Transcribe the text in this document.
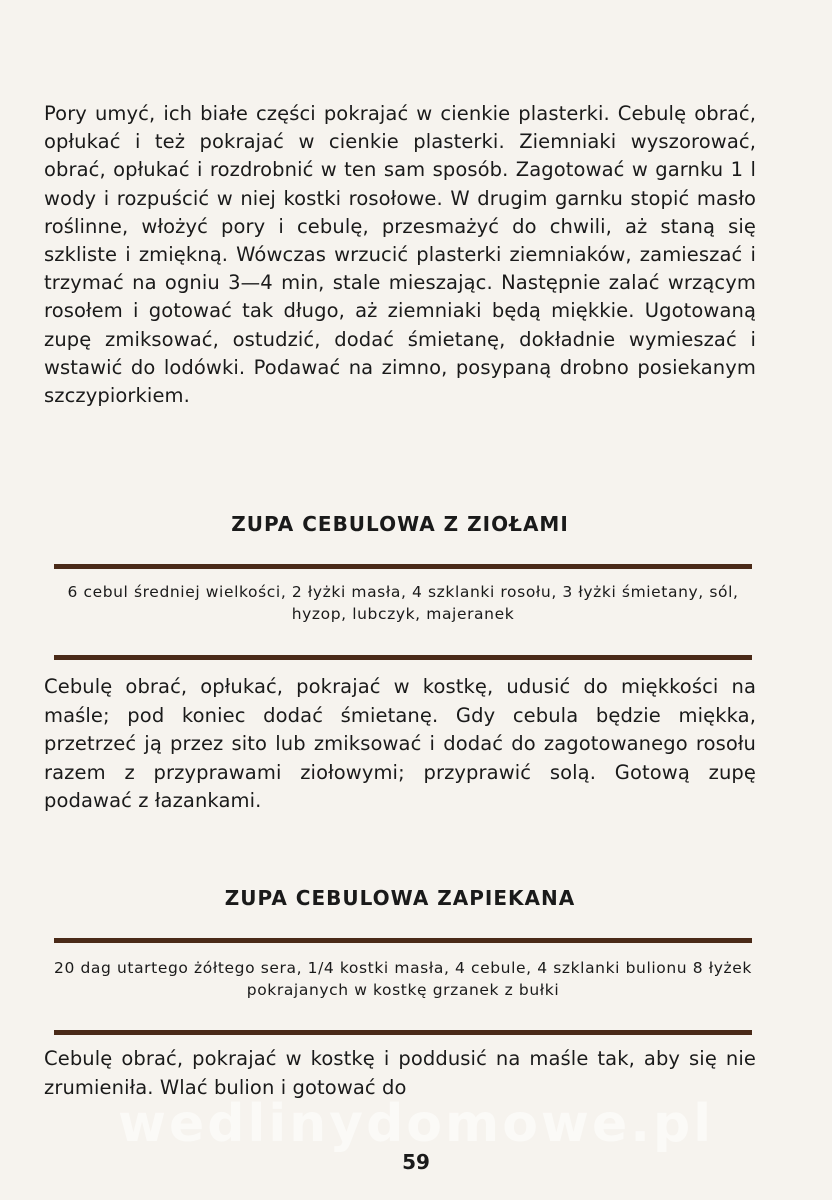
Pory umyć, ich białe części pokrajać w cienkie plasterki. Cebulę obrać, opłukać i też pokrajać w cienkie plasterki. Ziemniaki wyszorować, obrać, opłukać i rozdrobnić w ten sam sposób. Zagotować w garnku 1 l wody i rozpuścić w niej kostki rosołowe. W drugim garnku stopić masło roślinne, włożyć pory i cebulę, przesmażyć do chwili, aż staną się szkliste i zmiękną. Wówczas wrzucić plasterki ziemniaków, zamieszać i trzymać na ogniu 3—4 min, stale mieszając. Następnie zalać wrzącym rosołem i gotować tak długo, aż ziemniaki będą miękkie. Ugotowaną zupę zmiksować, ostudzić, dodać śmietanę, dokładnie wymieszać i wstawić do lodówki. Podawać na zimno, posypaną drobno posiekanym szczypiorkiem.

ZUPA CEBULOWA Z ZIOŁAMI

6 cebul średniej wielkości, 2 łyżki masła, 4 szklanki rosołu, 3 łyżki śmietany, sól, hyzop, lubczyk, majeranek

Cebulę obrać, opłukać, pokrajać w kostkę, udusić do miękkości na maśle; pod koniec dodać śmietanę. Gdy cebula będzie miękka, przetrzeć ją przez sito lub zmiksować i dodać do zagotowanego rosołu razem z przyprawami ziołowymi; przyprawić solą. Gotową zupę podawać z łazankami.

ZUPA CEBULOWA ZAPIEKANA

20 dag utartego żółtego sera, 1/4 kostki masła, 4 cebule, 4 szklanki bulionu 8 łyżek pokrajanych w kostkę grzanek z bułki

Cebulę obrać, pokrajać w kostkę i poddusić na maśle tak, aby się nie zrumieniła. Wlać bulion i gotować do

wedlinydomowe.pl
59
